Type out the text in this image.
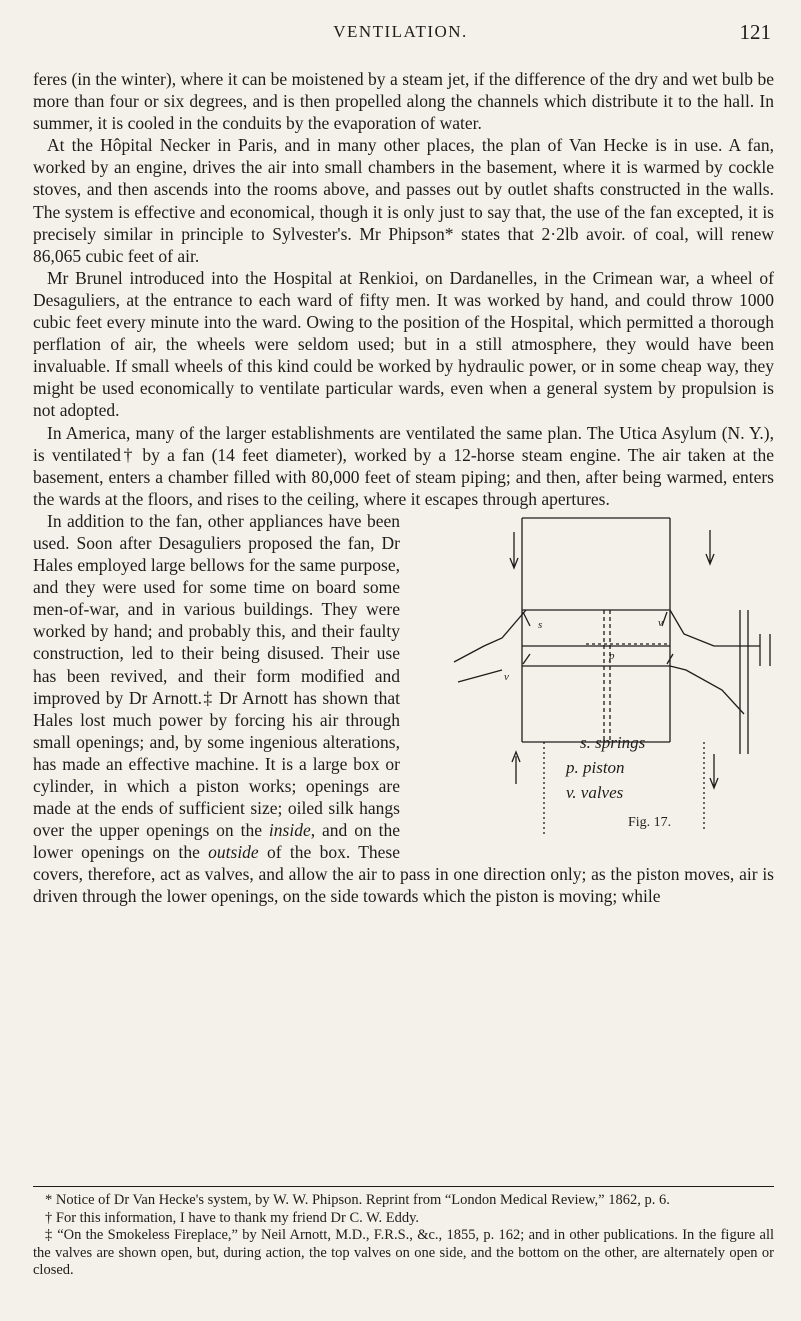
VENTILATION.	121

feres (in the winter), where it can be moistened by a steam jet, if the difference of the dry and wet bulb be more than four or six degrees, and is then propelled along the channels which distribute it to the hall. In summer, it is cooled in the conduits by the evaporation of water.

At the Hôpital Necker in Paris, and in many other places, the plan of Van Hecke is in use. A fan, worked by an engine, drives the air into small chambers in the basement, where it is warmed by cockle stoves, and then ascends into the rooms above, and passes out by outlet shafts constructed in the walls. The system is effective and economical, though it is only just to say that, the use of the fan excepted, it is precisely similar in principle to Sylvester's. Mr Phipson* states that 2·2lb avoir. of coal, will renew 86,065 cubic feet of air.

Mr Brunel introduced into the Hospital at Renkioi, on Dardanelles, in the Crimean war, a wheel of Desaguliers, at the entrance to each ward of fifty men. It was worked by hand, and could throw 1000 cubic feet every minute into the ward. Owing to the position of the Hospital, which permitted a thorough perflation of air, the wheels were seldom used; but in a still atmosphere, they would have been invaluable. If small wheels of this kind could be worked by hydraulic power, or in some cheap way, they might be used economically to ventilate particular wards, even when a general system by propulsion is not adopted.

In America, many of the larger establishments are ventilated the same plan. The Utica Asylum (N. Y.), is ventilated† by a fan (14 feet diameter), worked by a 12-horse steam engine. The air taken at the basement, enters a chamber filled with 80,000 feet of steam piping; and then, after being warmed, enters the wards at the floors, and rises to the ceiling, where it escapes through apertures.

s
p
v
v
s. springs
p. piston
v. valves
Fig. 17.
In addition to the fan, other appliances have been used. Soon after Desaguliers proposed the fan, Dr Hales employed large bellows for the same purpose, and they were used for some time on board some men-of-war, and in various buildings. They were worked by hand; and probably this, and their faulty construction, led to their being disused. Their use has been revived, and their form modified and improved by Dr Arnott.‡ Dr Arnott has shown that Hales lost much power by forcing his air through small openings; and, by some ingenious alterations, has made an effective machine. It is a large box or cylinder, in which a piston works; openings are made at the ends of sufficient size; oiled silk hangs over the upper openings on the inside, and on the lower openings on the outside of the box. These covers, therefore, act as valves, and allow the air to pass in one direction only; as the piston moves, air is driven through the lower openings, on the side towards which the piston is moving; while

* Notice of Dr Van Hecke's system, by W. W. Phipson. Reprint from “London Medical Review,” 1862, p. 6.

† For this information, I have to thank my friend Dr C. W. Eddy.

‡ “On the Smokeless Fireplace,” by Neil Arnott, M.D., F.R.S., &c., 1855, p. 162; and in other publications. In the figure all the valves are shown open, but, during action, the top valves on one side, and the bottom on the other, are alternately open or closed.
